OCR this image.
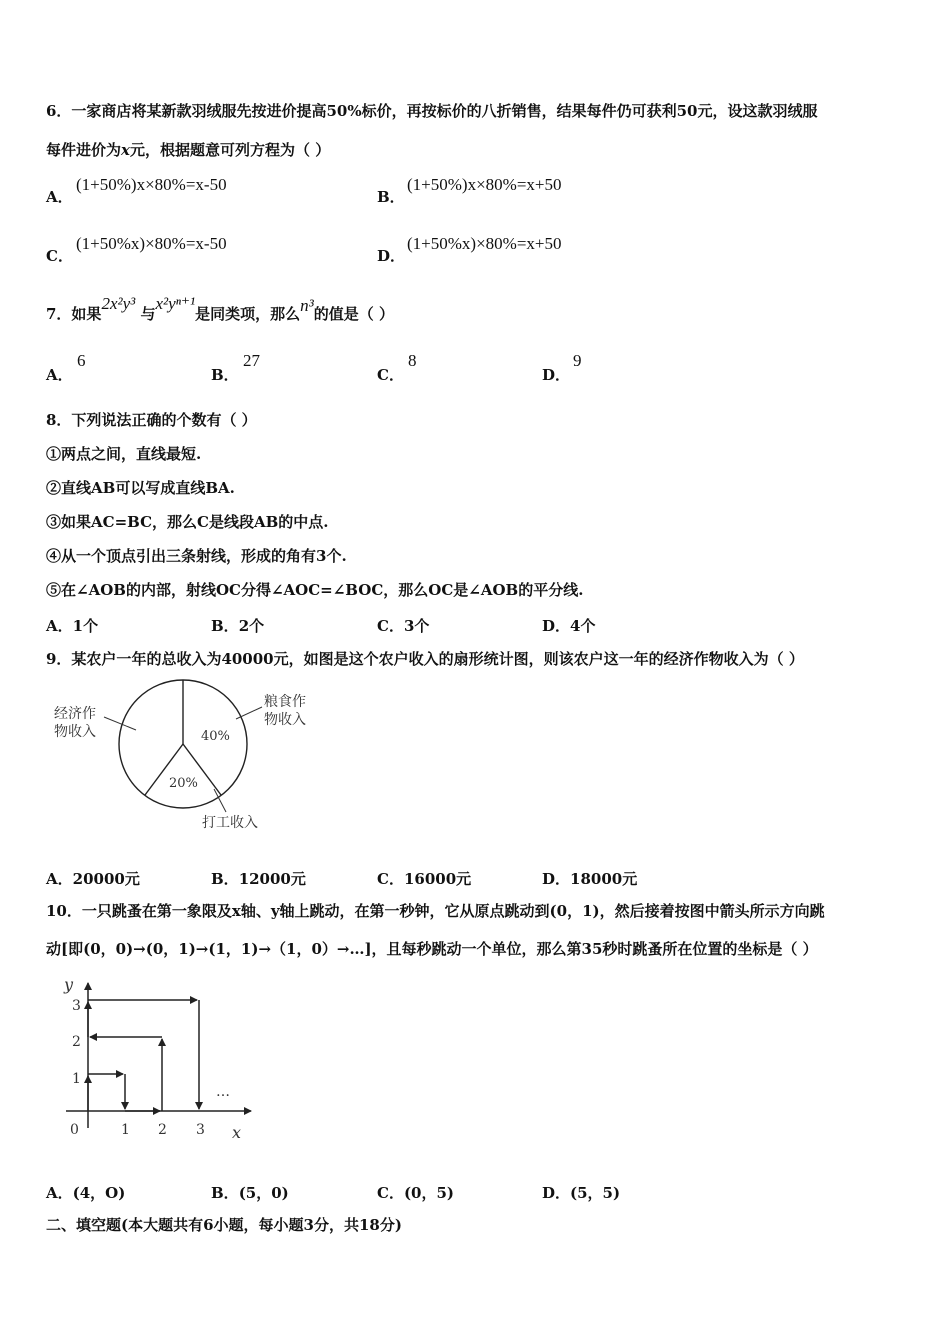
6．一家商店将某新款羽绒服先按进价提高50%标价，再按标价的八折销售，结果每件仍可获利50元，设这款羽绒服
每件进价为x元，根据题意可列方程为（ ）
A．
(1+50%)x×80%=x-50
B．
(1+50%)x×80%=x+50
C．
(1+50%x)×80%=x-50
D．
(1+50%x)×80%=x+50
7．如果2x²y³ 与x²yⁿ⁺¹是同类项，那么n³的值是（ ）
A．
6
B．
27
C．
8
D．
9
8．下列说法正确的个数有（ ）
①两点之间，直线最短.
②直线AB可以写成直线BA.
③如果AC=BC，那么C是线段AB的中点.
④从一个顶点引出三条射线，形成的角有3个.
⑤在∠AOB的内部，射线OC分得∠AOC=∠BOC，那么OC是∠AOB的平分线.
A．1个	B．2个	C．3个	D．4个
9．某农户一年的总收入为40000元，如图是这个农户收入的扇形统计图，则该农户这一年的经济作物收入为（ ）
经济作
物收入
粮食作
物收入
40%
20%
打工收入
A．20000元	B．12000元	C．16000元	D．18000元
10．一只跳蚤在第一象限及x轴、y轴上跳动，在第一秒钟，它从原点跳动到(0，1)，然后接着按图中箭头所示方向跳
动[即(0，0)→(0，1)→(1，1)→（1，0）→…]，且每秒跳动一个单位，那么第35秒时跳蚤所在位置的坐标是（ ）
y
x
0	1 2 3
1
2
3
…
A．(4，O)	B．(5，0)	C．(0，5)	D．(5，5)
二、填空题(本大题共有6小题，每小题3分，共18分)
